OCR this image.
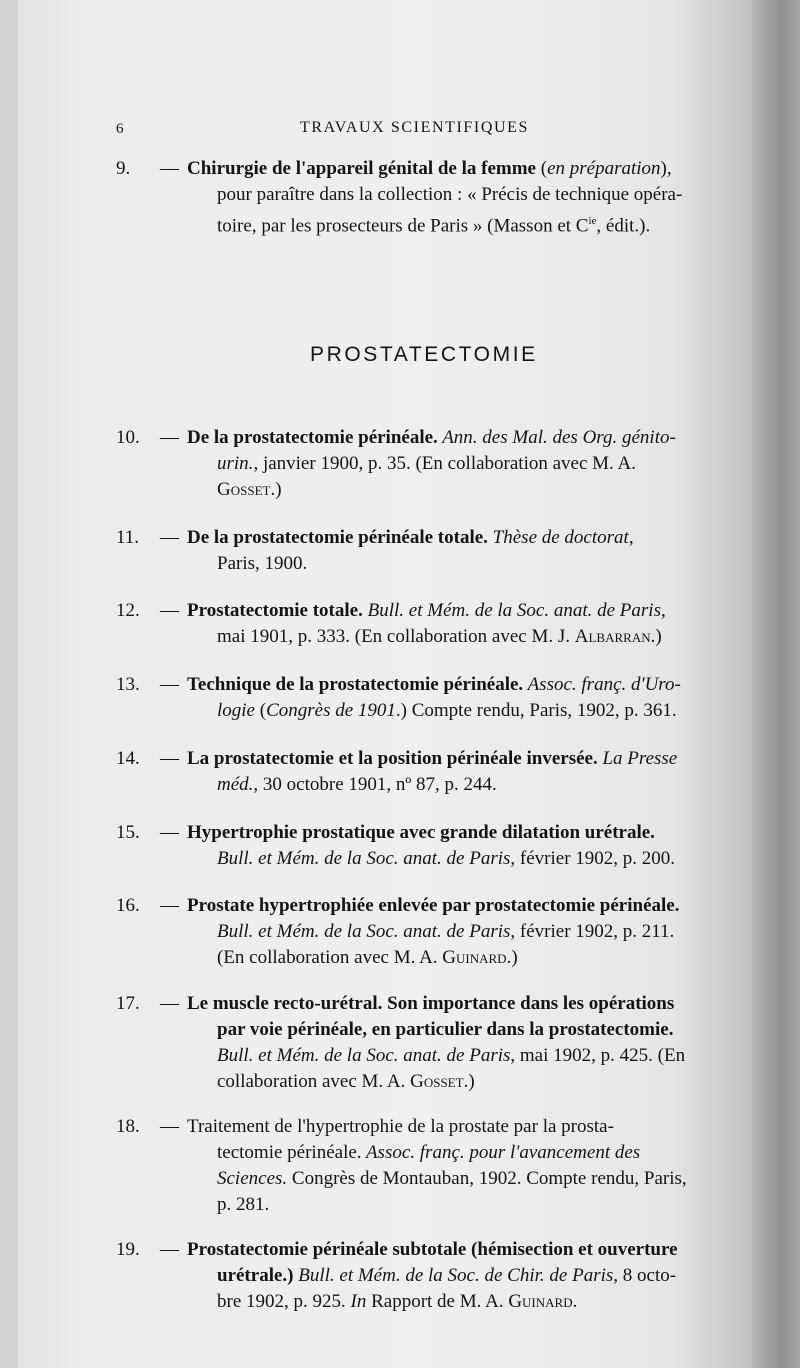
6	TRAVAUX SCIENTIFIQUES
9. — Chirurgie de l'appareil génital de la femme (en préparation),
pour paraître dans la collection : « Précis de technique opéra-
toire, par les prosecteurs de Paris » (Masson et $C^{ie}$, édit.).
PROSTATECTOMIE
10. — De la prostatectomie périnéale. Ann. des Mal. des Org. génito-
urin., janvier 1900, p. 35. (En collaboration avec M. A.
Gosset.)
11. — De la prostatectomie périnéale totale. Thèse de doctorat,
Paris, 1900.
12. — Prostatectomie totale. Bull. et Mém. de la Soc. anat. de Paris,
mai 1901, p. 333. (En collaboration avec M. J. Albarran.)
13. — Technique de la prostatectomie périnéale. Assoc. franç. d'Uro-
logie (Congrès de 1901.) Compte rendu, Paris, 1902, p. 361.
14. — La prostatectomie et la position périnéale inversée. La Presse
méd., 30 octobre 1901, nº 87, p. 244.
15. — Hypertrophie prostatique avec grande dilatation urétrale.
Bull. et Mém. de la Soc. anat. de Paris, février 1902, p. 200.
16. — Prostate hypertrophiée enlevée par prostatectomie périnéale.
Bull. et Mém. de la Soc. anat. de Paris, février 1902, p. 211.
(En collaboration avec M. A. Guinard.)
17. — Le muscle recto-urétral. Son importance dans les opérations
par voie périnéale, en particulier dans la prostatectomie.
Bull. et Mém. de la Soc. anat. de Paris, mai 1902, p. 425. (En
collaboration avec M. A. Gosset.)
18. — Traitement de l'hypertrophie de la prostate par la prosta-
tectomie périnéale. Assoc. franç. pour l'avancement des
Sciences. Congrès de Montauban, 1902. Compte rendu, Paris,
p. 281.
19. — Prostatectomie périnéale subtotale (hémisection et ouverture
urétrale.) Bull. et Mém. de la Soc. de Chir. de Paris, 8 octo-
bre 1902, p. 925. In Rapport de M. A. Guinard.
